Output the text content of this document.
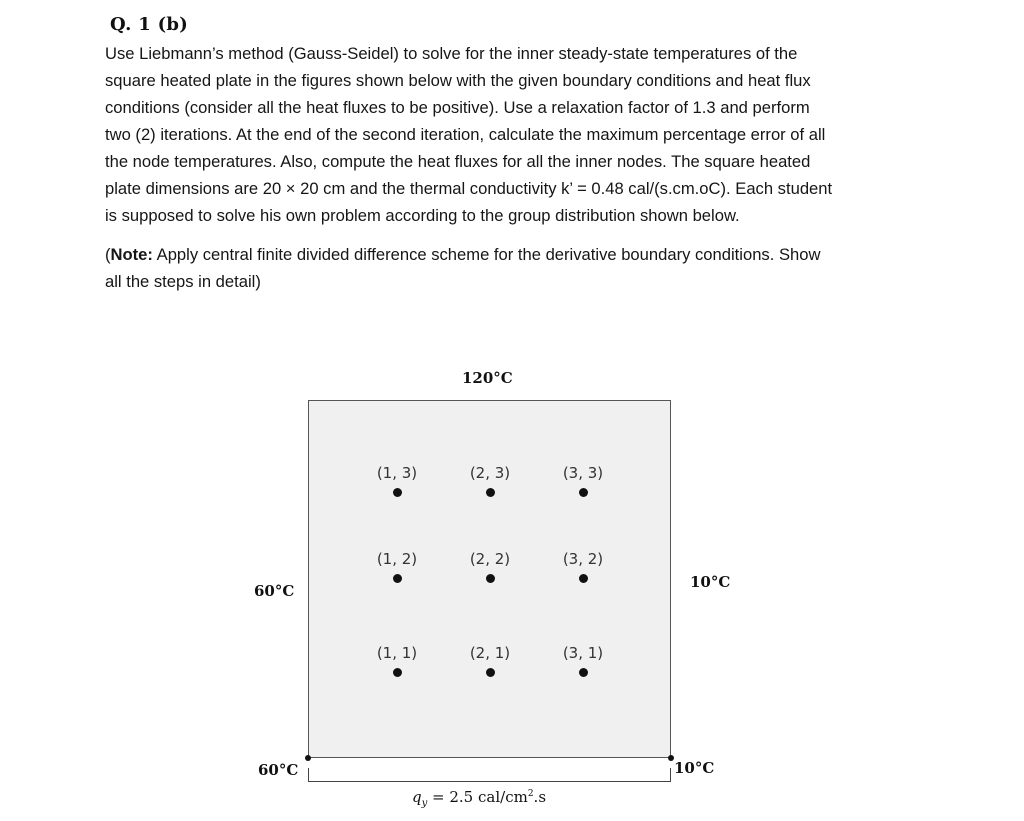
Q. 1 (b)
Use Liebmann’s method (Gauss-Seidel) to solve for the inner steady-state temperatures of the
square heated plate in the figures shown below with the given boundary conditions and heat flux
conditions (consider all the heat fluxes to be positive). Use a relaxation factor of 1.3 and perform
two (2) iterations. At the end of the second iteration, calculate the maximum percentage error of all
the node temperatures. Also, compute the heat fluxes for all the inner nodes. The square heated
plate dimensions are 20 × 20 cm and the thermal conductivity k’ = 0.48 cal/(s.cm.oC). Each student
is supposed to solve his own problem according to the group distribution shown below.
(Note: Apply central finite divided difference scheme for the derivative boundary conditions. Show
all the steps in detail)
120°C
(1, 3)	(2, 3)	(3, 3)
(1, 2)	(2, 2)	(3, 2)
(1, 1)	(2, 1)	(3, 1)
60°C	10°C
60°C	10°C
$q_y = 2.5$ cal/$cm^2.s$
